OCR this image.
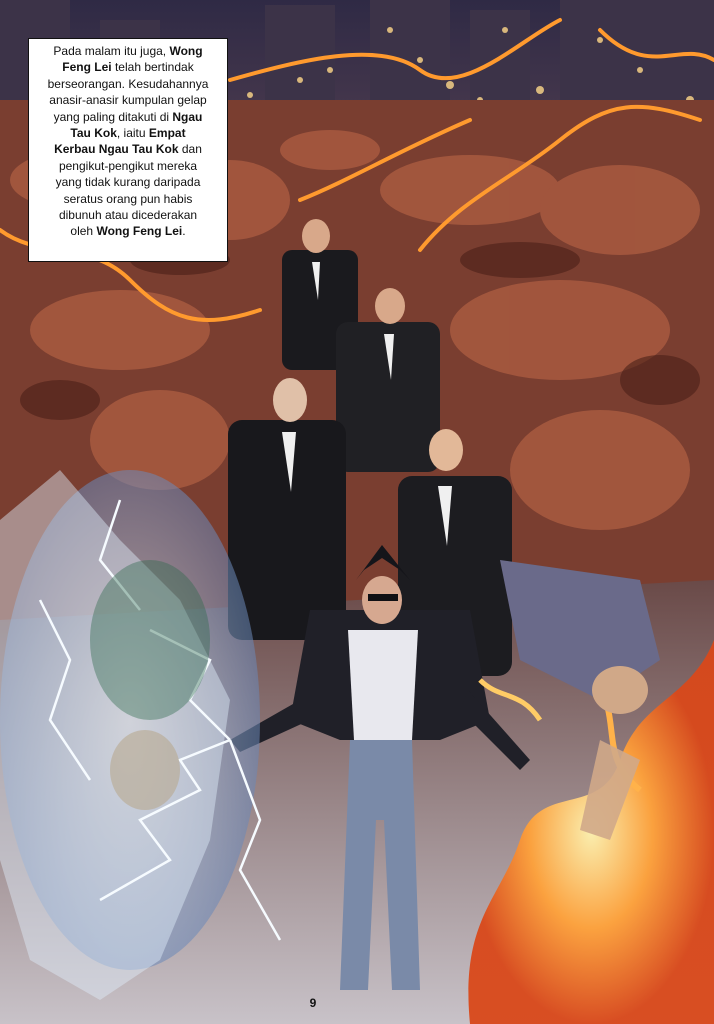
Pada malam itu juga, Wong
Feng Lei telah bertindak
berseorangan. Kesudahannya
anasir-anasir kumpulan gelap
yang paling ditakuti di Ngau
Tau Kok, iaitu Empat
Kerbau Ngau Tau Kok dan
pengikut-pengikut mereka
yang tidak kurang daripada
seratus orang pun habis
dibunuh atau dicederakan
oleh Wong Feng Lei.
9
